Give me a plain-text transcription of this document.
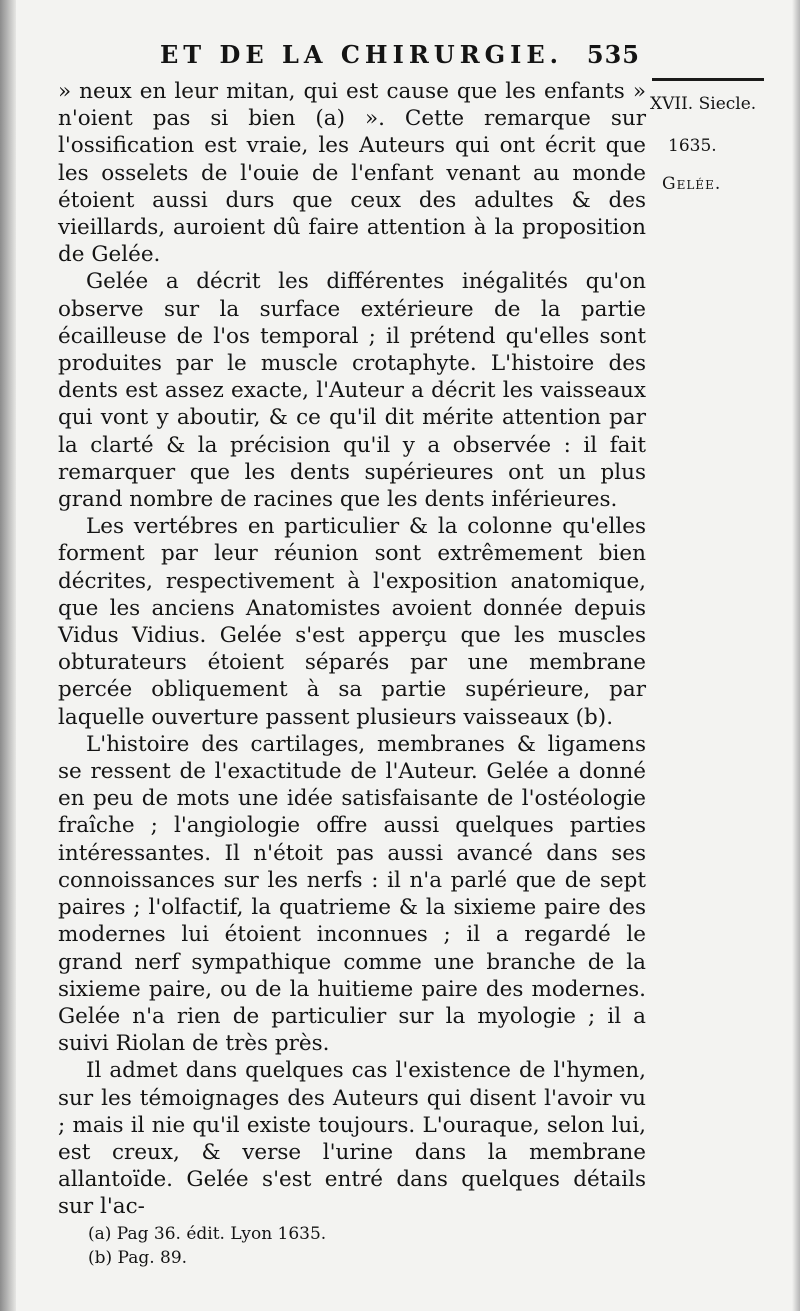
ET DE LA CHIRURGIE. 535
XVII. Siecle.
1635.
Gelée.

» neux en leur mitan, qui est cause que les enfants » n'oient pas si bien (a) ». Cette remarque sur l'ossification est vraie, les Auteurs qui ont écrit que les osselets de l'ouie de l'enfant venant au monde étoient aussi durs que ceux des adultes & des vieillards, auroient dû faire attention à la proposition de Gelée.

Gelée a décrit les différentes inégalités qu'on observe sur la surface extérieure de la partie écailleuse de l'os temporal ; il prétend qu'elles sont produites par le muscle crotaphyte. L'histoire des dents est assez exacte, l'Auteur a décrit les vaisseaux qui vont y aboutir, & ce qu'il dit mérite attention par la clarté & la précision qu'il y a observée : il fait remarquer que les dents supérieures ont un plus grand nombre de racines que les dents inférieures.

Les vertébres en particulier & la colonne qu'elles forment par leur réunion sont extrêmement bien décrites, respectivement à l'exposition anatomique, que les anciens Anatomistes avoient donnée depuis Vidus Vidius. Gelée s'est apperçu que les muscles obturateurs étoient séparés par une membrane percée obliquement à sa partie supérieure, par laquelle ouverture passent plusieurs vaisseaux (b).

L'histoire des cartilages, membranes & ligamens se ressent de l'exactitude de l'Auteur. Gelée a donné en peu de mots une idée satisfaisante de l'ostéologie fraîche ; l'angiologie offre aussi quelques parties intéressantes. Il n'étoit pas aussi avancé dans ses connoissances sur les nerfs : il n'a parlé que de sept paires ; l'olfactif, la quatrieme & la sixieme paire des modernes lui étoient inconnues ; il a regardé le grand nerf sympathique comme une branche de la sixieme paire, ou de la huitieme paire des modernes. Gelée n'a rien de particulier sur la myologie ; il a suivi Riolan de très près.

Il admet dans quelques cas l'existence de l'hymen, sur les témoignages des Auteurs qui disent l'avoir vu ; mais il nie qu'il existe toujours. L'ouraque, selon lui, est creux, & verse l'urine dans la membrane allantoïde. Gelée s'est entré dans quelques détails sur l'ac-

(a) Pag 36. édit. Lyon 1635.
(b) Pag. 89.
